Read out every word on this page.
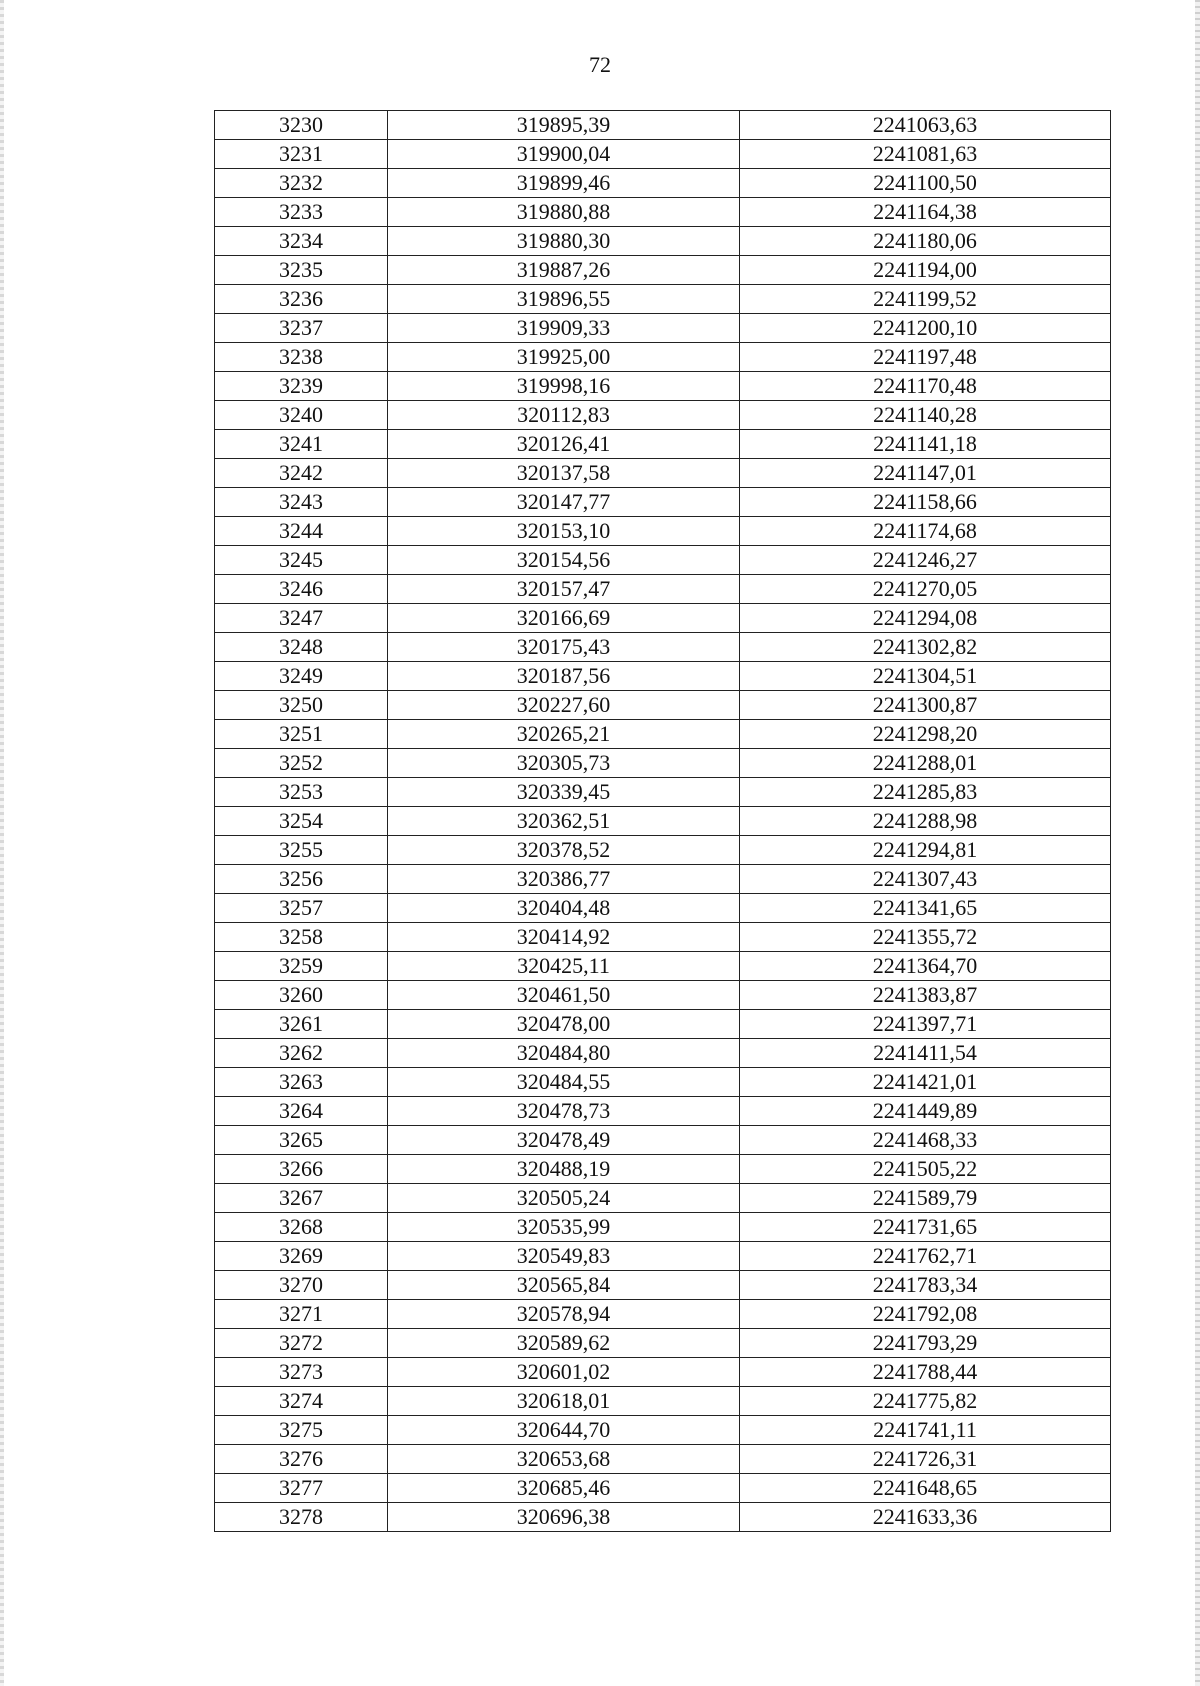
72
3230	319895,39	2241063,63
3231	319900,04	2241081,63
3232	319899,46	2241100,50
3233	319880,88	2241164,38
3234	319880,30	2241180,06
3235	319887,26	2241194,00
3236	319896,55	2241199,52
3237	319909,33	2241200,10
3238	319925,00	2241197,48
3239	319998,16	2241170,48
3240	320112,83	2241140,28
3241	320126,41	2241141,18
3242	320137,58	2241147,01
3243	320147,77	2241158,66
3244	320153,10	2241174,68
3245	320154,56	2241246,27
3246	320157,47	2241270,05
3247	320166,69	2241294,08
3248	320175,43	2241302,82
3249	320187,56	2241304,51
3250	320227,60	2241300,87
3251	320265,21	2241298,20
3252	320305,73	2241288,01
3253	320339,45	2241285,83
3254	320362,51	2241288,98
3255	320378,52	2241294,81
3256	320386,77	2241307,43
3257	320404,48	2241341,65
3258	320414,92	2241355,72
3259	320425,11	2241364,70
3260	320461,50	2241383,87
3261	320478,00	2241397,71
3262	320484,80	2241411,54
3263	320484,55	2241421,01
3264	320478,73	2241449,89
3265	320478,49	2241468,33
3266	320488,19	2241505,22
3267	320505,24	2241589,79
3268	320535,99	2241731,65
3269	320549,83	2241762,71
3270	320565,84	2241783,34
3271	320578,94	2241792,08
3272	320589,62	2241793,29
3273	320601,02	2241788,44
3274	320618,01	2241775,82
3275	320644,70	2241741,11
3276	320653,68	2241726,31
3277	320685,46	2241648,65
3278	320696,38	2241633,36
